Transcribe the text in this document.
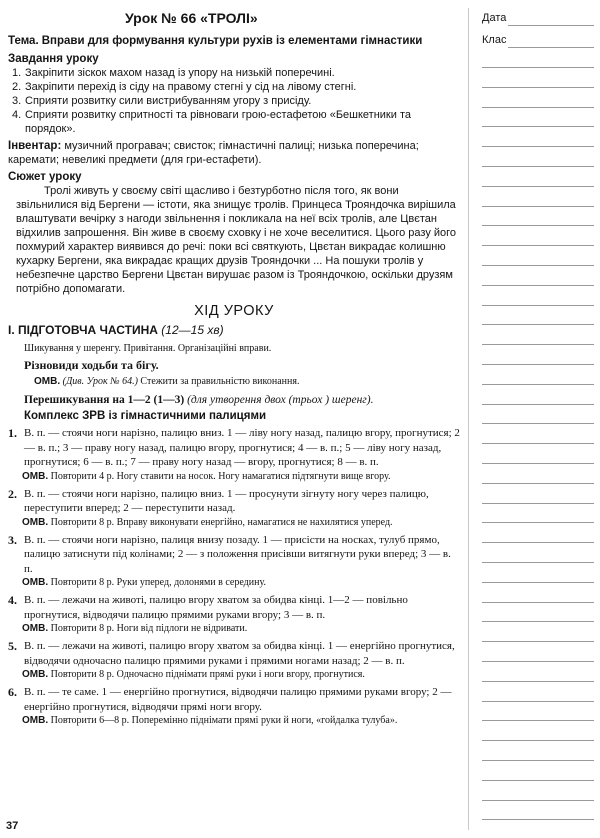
Урок № 66 «ТРОЛІ»	Дата
Клас

Тема. Вправи для формування культури рухів із елементами гімнастики

Завдання уроку

1. Закріпити зіскок махом назад із упору на низькій поперечині.
2. Закріпити перехід із сіду на правому стегні у сід на лівому стегні.
3. Сприяти розвитку сили вистрибуванням угору з присіду.
4. Сприяти розвитку спритності та рівноваги грою-естафетою «Бешкетники та порядок».

Інвентар: музичний програвач; свисток; гімнастичні палиці; низька поперечина; каремати; невеликі предмети (для гри-естафети).

Сюжет уроку

Тролі живуть у своєму світі щасливо і безтурботно після того, як вони звільнилися від Бергени — істоти, яка знищує тролів. Принцеса Трояндочка вирішила влаштувати вечірку з нагоди звільнення і покликала на неї всіх тролів, але Цвєтан відхилив запрошення. Він живе в своєму сховку і не хоче веселитися. Цього разу його похмурий характер виявився до речі: поки всі святкують, Цвєтан викрадає колишню кухарку Бергени, яка викрадає кращих друзів Трояндочки ... На пошуки тролів у небезпечне царство Бергени Цвєтан вирушає разом із Трояндочкою, оскільки друзям потрібно допомагати.

ХІД УРОКУ

І. ПІДГОТОВЧА ЧАСТИНА (12—15 хв)

Шикування у шеренгу. Привітання. Організаційні вправи.

Різновиди ходьби та бігу.

ОМВ. (Див. Урок № 64.) Стежити за правильністю виконання.

Перешикування на 1—2 (1—3) (для утворення двох (трьох ) шеренг).

Комплекс ЗРВ із гімнастичними палицями

1. В. п. — стоячи ноги нарізно, палицю вниз. 1 — ліву ногу назад, палицю вгору, прогнутися; 2 — в. п.; 3 — праву ногу назад, палицю вгору, прогнутися; 4 — в. п.; 5 — ліву ногу назад, прогнутися; 6 — в. п.; 7 — праву ногу назад — вгору, прогнутися; 8 — в. п.

ОМВ. Повторити 4 р. Ногу ставити на носок. Ногу намагатися підтягнути вище вгору.

2. В. п. — стоячи ноги нарізно, палицю вниз. 1 — просунути зігнуту ногу через палицю, переступити вперед; 2 — переступити назад.

ОМВ. Повторити 8 р. Вправу виконувати енергійно, намагатися не нахилятися уперед.

3. В. п. — стоячи ноги нарізно, палиця внизу позаду. 1 — присісти на носках, тулуб прямо, палицю затиснути під колінами; 2 — з положення присівши витягнути руки вперед; 3 — в. п.

ОМВ. Повторити 8 р. Руки уперед, долонями в середину.

4. В. п. — лежачи на животі, палицю вгору хватом за обидва кінці. 1—2 — повільно прогнутися, відводячи палицю прямими руками вгору; 3 — в. п.

ОМВ. Повторити 8 р. Ноги від підлоги не відривати.

5. В. п. — лежачи на животі, палицю вгору хватом за обидва кінці. 1 — енергійно прогнутися, відводячи одночасно палицю прямими руками і прямими ногами назад; 2 — в. п.

ОМВ. Повторити 8 р. Одночасно піднімати прямі руки і ноги вгору, прогнутися.

6. В. п. — те саме. 1 — енергійно прогнутися, відводячи палицю прямими руками вгору; 2 — енергійно прогнутися, відводячи прямі ноги вгору.

ОМВ. Повторити 6—8 р. Поперемінно піднімати прямі руки й ноги, «гойдалка тулуба».

37
